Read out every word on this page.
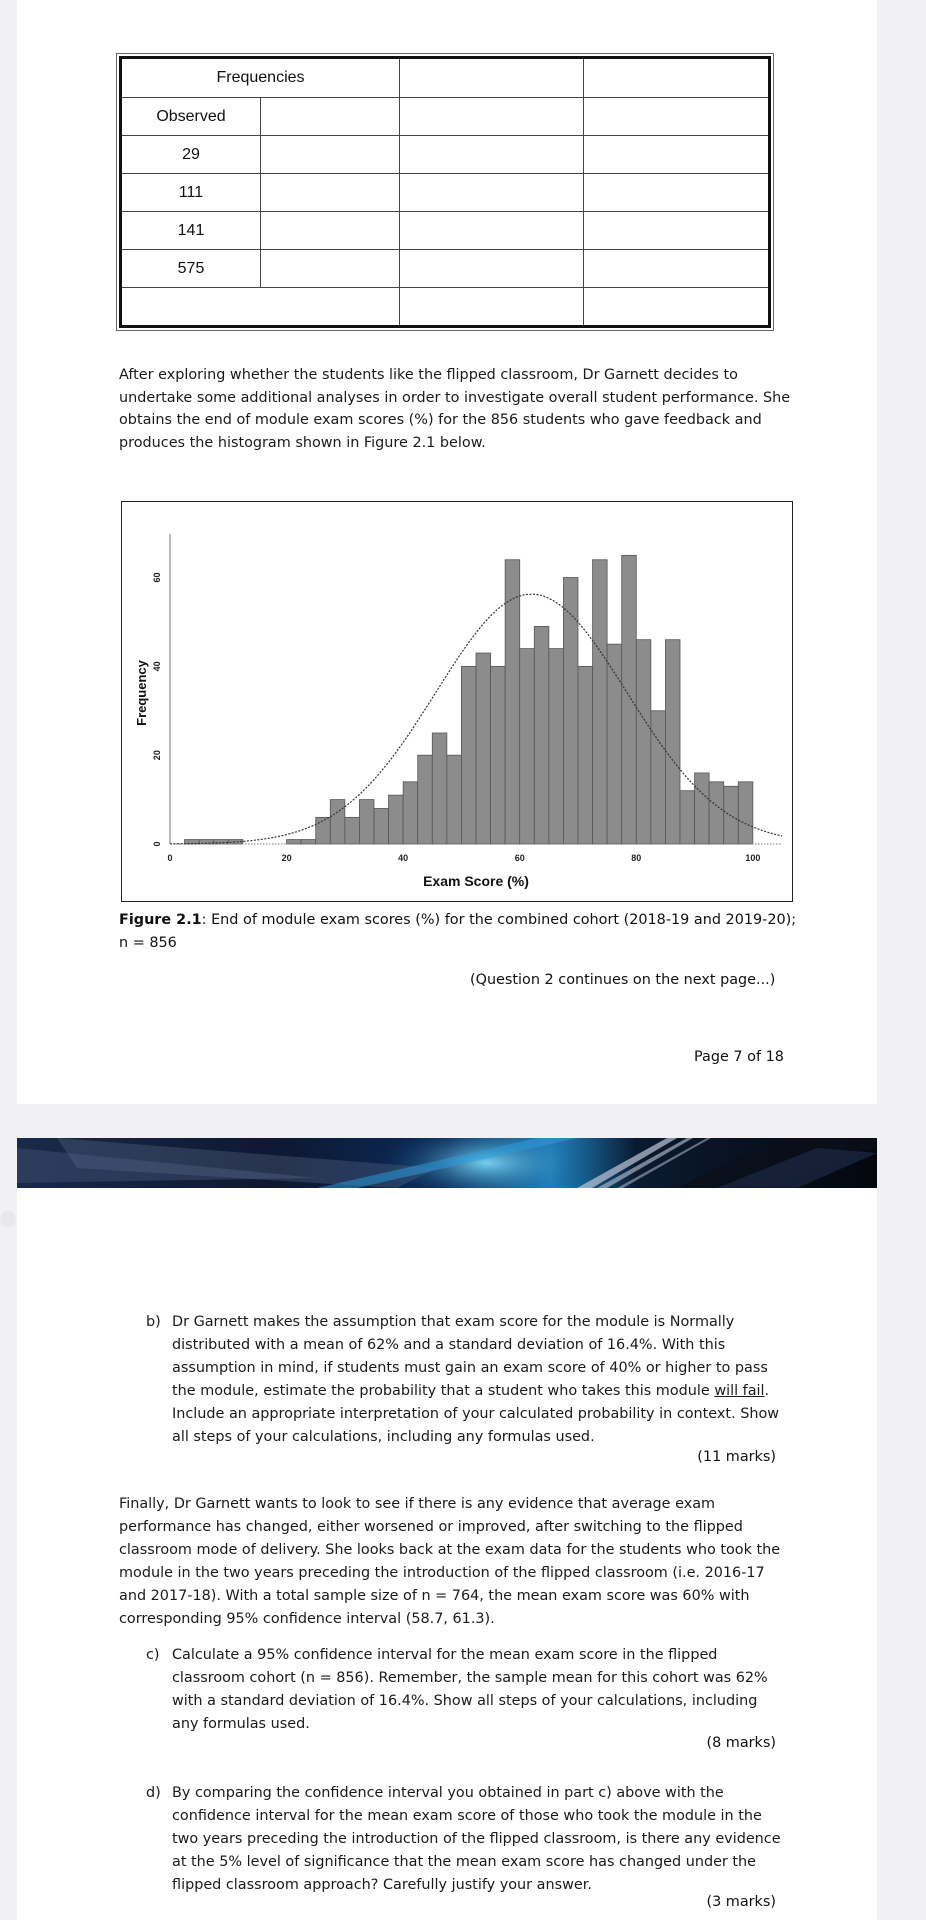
Frequencies			
Observed			
29			
111			
141			
575			

After exploring whether the students like the flipped classroom, Dr Garnett decides to undertake some additional analyses in order to investigate overall student performance. She obtains the end of module exam scores (%) for the 856 students who gave feedback and produces the histogram shown in Figure 2.1 below.
0	20	40	60	80	100
0
20
40
60
Exam Score (%)
Frequency
Figure 2.1: End of module exam scores (%) for the combined cohort (2018-19 and 2019-20); n = 856
(Question 2 continues on the next page...)
Page 7 of 18
b) Dr Garnett makes the assumption that exam score for the module is Normally distributed with a mean of 62% and a standard deviation of 16.4%. With this assumption in mind, if students must gain an exam score of 40% or higher to pass the module, estimate the probability that a student who takes this module will fail. Include an appropriate interpretation of your calculated probability in context. Show all steps of your calculations, including any formulas used.
(11 marks)
Finally, Dr Garnett wants to look to see if there is any evidence that average exam performance has changed, either worsened or improved, after switching to the flipped classroom mode of delivery. She looks back at the exam data for the students who took the module in the two years preceding the introduction of the flipped classroom (i.e. 2016-17 and 2017-18). With a total sample size of n = 764, the mean exam score was 60% with corresponding 95% confidence interval (58.7, 61.3).
c) Calculate a 95% confidence interval for the mean exam score in the flipped classroom cohort (n = 856). Remember, the sample mean for this cohort was 62% with a standard deviation of 16.4%. Show all steps of your calculations, including any formulas used.
(8 marks)
d) By comparing the confidence interval you obtained in part c) above with the confidence interval for the mean exam score of those who took the module in the two years preceding the introduction of the flipped classroom, is there any evidence at the 5% level of significance that the mean exam score has changed under the flipped classroom approach? Carefully justify your answer.
(3 marks)
